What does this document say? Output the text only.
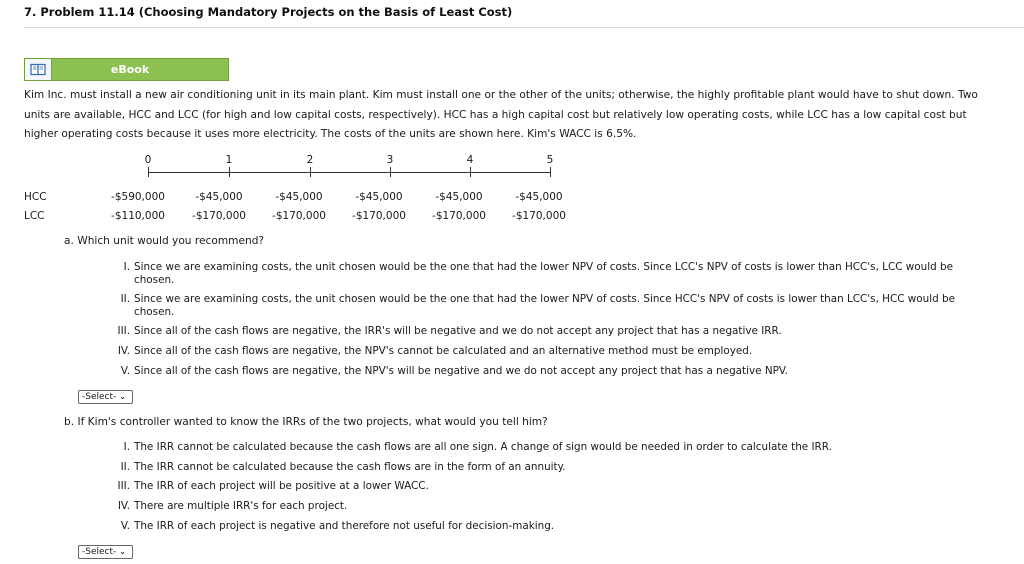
7. Problem 11.14 (Choosing Mandatory Projects on the Basis of Least Cost)
eBook
Kim Inc. must install a new air conditioning unit in its main plant. Kim must install one or the other of the units; otherwise, the highly profitable plant would have to shut down. Two
units are available, HCC and LCC (for high and low capital costs, respectively). HCC has a high capital cost but relatively low operating costs, while LCC has a low capital cost but
higher operating costs because it uses more electricity. The costs of the units are shown here. Kim's WACC is 6.5%.
0	1	2	3	4	5
HCC	-$590,000	-$45,000	-$45,000	-$45,000	-$45,000	-$45,000
LCC	-$110,000	-$170,000	-$170,000	-$170,000	-$170,000	-$170,000
a. Which unit would you recommend?
I. Since we are examining costs, the unit chosen would be the one that had the lower NPV of costs. Since LCC's NPV of costs is lower than HCC's, LCC would be
chosen.
II. Since we are examining costs, the unit chosen would be the one that had the lower NPV of costs. Since HCC's NPV of costs is lower than LCC's, HCC would be
chosen.
III. Since all of the cash flows are negative, the IRR's will be negative and we do not accept any project that has a negative IRR.
IV. Since all of the cash flows are negative, the NPV's cannot be calculated and an alternative method must be employed.
V. Since all of the cash flows are negative, the NPV's will be negative and we do not accept any project that has a negative NPV.
-Select- ⌄
b. If Kim's controller wanted to know the IRRs of the two projects, what would you tell him?
I. The IRR cannot be calculated because the cash flows are all one sign. A change of sign would be needed in order to calculate the IRR.
II. The IRR cannot be calculated because the cash flows are in the form of an annuity.
III. The IRR of each project will be positive at a lower WACC.
IV. There are multiple IRR's for each project.
V. The IRR of each project is negative and therefore not useful for decision-making.
-Select- ⌄
